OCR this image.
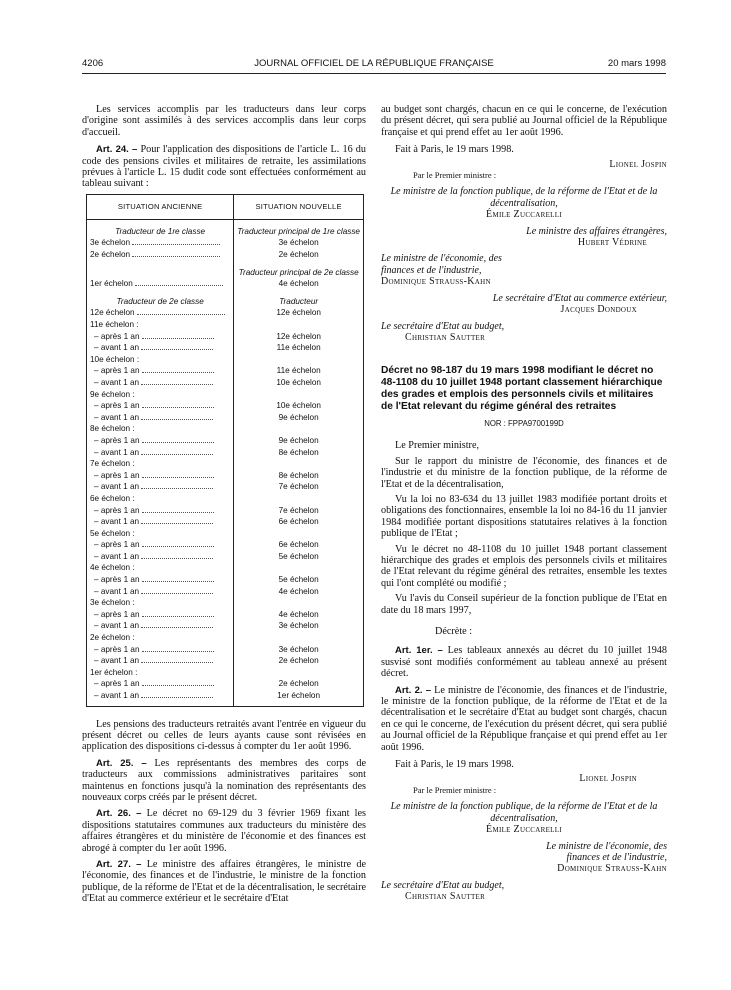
4206	JOURNAL OFFICIEL DE LA RÉPUBLIQUE FRANÇAISE	20 mars 1998

Les services accomplis par les traducteurs dans leur corps d'origine sont assimilés à des services accomplis dans leur corps d'accueil.

Art. 24. – Pour l'application des dispositions de l'article L. 16 du code des pensions civiles et militaires de retraite, les assimilations prévues à l'article L. 15 dudit code sont effectuées conformément au tableau suivant :

SITUATION ANCIENNE	SITUATION NOUVELLE
Traducteur de 1re classe	Traducteur principal de 1re classe
3e échelon	3e échelon
2e échelon	2e échelon
	Traducteur principal de 2e classe
1er échelon	4e échelon
Traducteur de 2e classe	Traducteur
12e échelon	12e échelon
11e échelon :	
– après 1 an	12e échelon
– avant 1 an	11e échelon
10e échelon :	
– après 1 an	11e échelon
– avant 1 an	10e échelon
9e échelon :	
– après 1 an	10e échelon
– avant 1 an	9e échelon
8e échelon :	
– après 1 an	9e échelon
– avant 1 an	8e échelon
7e échelon :	
– après 1 an	8e échelon
– avant 1 an	7e échelon
6e échelon :	
– après 1 an	7e échelon
– avant 1 an	6e échelon
5e échelon :	
– après 1 an	6e échelon
– avant 1 an	5e échelon
4e échelon :	
– après 1 an	5e échelon
– avant 1 an	4e échelon
3e échelon :	
– après 1 an	4e échelon
– avant 1 an	3e échelon
2e échelon :	
– après 1 an	3e échelon
– avant 1 an	2e échelon
1er échelon :	
– après 1 an	2e échelon
– avant 1 an	1er échelon

Les pensions des traducteurs retraités avant l'entrée en vigueur du présent décret ou celles de leurs ayants cause sont révisées en application des dispositions ci-dessus à compter du 1er août 1996.

Art. 25. – Les représentants des membres des corps de traducteurs aux commissions administratives paritaires sont maintenus en fonctions jusqu'à la nomination des représentants des nouveaux corps créés par le présent décret.

Art. 26. – Le décret no 69-129 du 3 février 1969 fixant les dispositions statutaires communes aux traducteurs du ministère des affaires étrangères et du ministère de l'économie et des finances est abrogé à compter du 1er août 1996.

Art. 27. – Le ministre des affaires étrangères, le ministre de l'économie, des finances et de l'industrie, le ministre de la fonction publique, de la réforme de l'Etat et de la décentralisation, le secrétaire d'Etat au commerce extérieur et le secrétaire d'Etat

au budget sont chargés, chacun en ce qui le concerne, de l'exécution du présent décret, qui sera publié au Journal officiel de la République française et qui prend effet au 1er août 1996.

Fait à Paris, le 19 mars 1998.

Lionel Jospin

Par le Premier ministre :

Le ministre de la fonction publique, de la réforme de l'Etat et de la décentralisation,

Émile Zuccarelli

Le ministre des affaires étrangères,

Hubert Védrine

Le ministre de l'économie, des finances et de l'industrie,

Dominique Strauss-Kahn

Le secrétaire d'Etat au commerce extérieur,

Jacques Dondoux

Le secrétaire d'Etat au budget,

Christian Sautter

Décret no 98-187 du 19 mars 1998 modifiant le décret no 48-1108 du 10 juillet 1948 portant classement hiérarchique des grades et emplois des personnels civils et militaires de l'Etat relevant du régime général des retraites

NOR : FPPA9700199D

Le Premier ministre,

Sur le rapport du ministre de l'économie, des finances et de l'industrie et du ministre de la fonction publique, de la réforme de l'Etat et de la décentralisation,

Vu la loi no 83-634 du 13 juillet 1983 modifiée portant droits et obligations des fonctionnaires, ensemble la loi no 84-16 du 11 janvier 1984 modifiée portant dispositions statutaires relatives à la fonction publique de l'Etat ;

Vu le décret no 48-1108 du 10 juillet 1948 portant classement hiérarchique des grades et emplois des personnels civils et militaires de l'Etat relevant du régime général des retraites, ensemble les textes qui l'ont complété ou modifié ;

Vu l'avis du Conseil supérieur de la fonction publique de l'Etat en date du 18 mars 1997,

Décrète :

Art. 1er. – Les tableaux annexés au décret du 10 juillet 1948 susvisé sont modifiés conformément au tableau annexé au présent décret.

Art. 2. – Le ministre de l'économie, des finances et de l'industrie, le ministre de la fonction publique, de la réforme de l'Etat et de la décentralisation et le secrétaire d'Etat au budget sont chargés, chacun en ce qui le concerne, de l'exécution du présent décret, qui sera publié au Journal officiel de la République française et qui prend effet au 1er août 1996.

Fait à Paris, le 19 mars 1998.

Lionel Jospin

Par le Premier ministre :

Le ministre de la fonction publique, de la réforme de l'Etat et de la décentralisation,

Émile Zuccarelli

Le ministre de l'économie, des finances et de l'industrie,

Dominique Strauss-Kahn

Le secrétaire d'Etat au budget,

Christian Sautter
